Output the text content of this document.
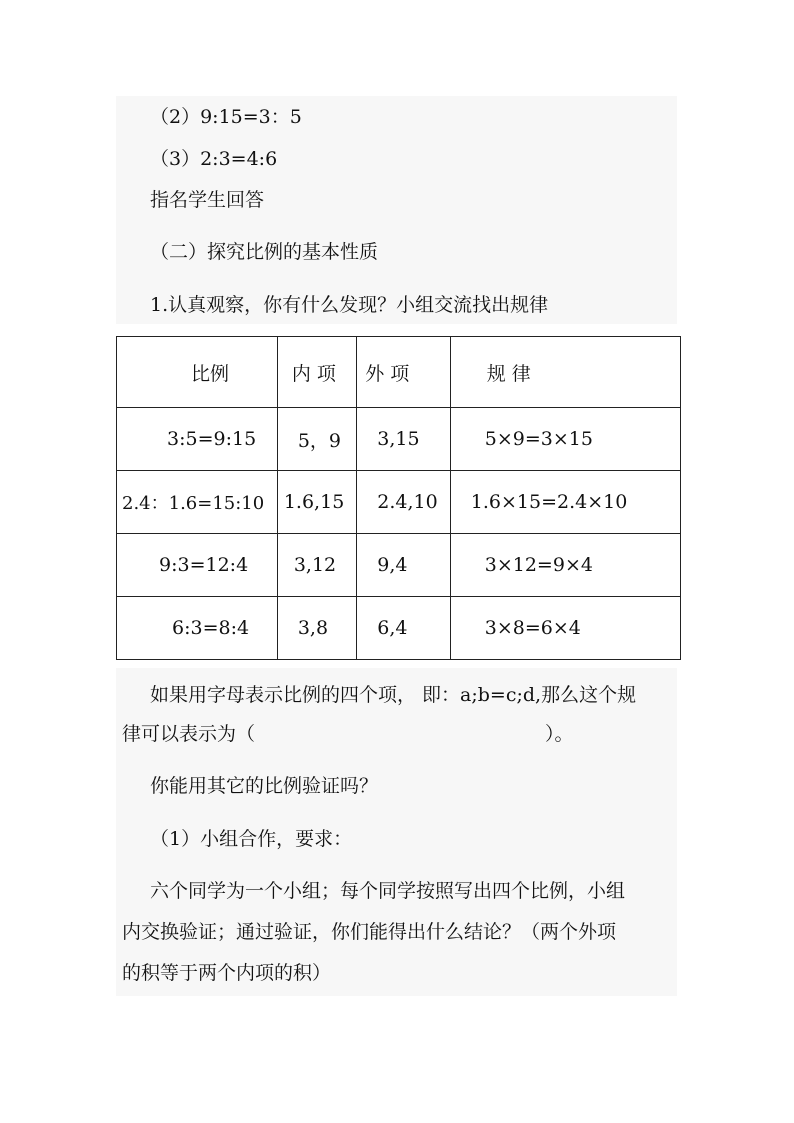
（2）9:15=3：5
（3）2:3=4:6
指名学生回答
（二）探究比例的基本性质
1.认真观察，你有什么发现？小组交流找出规律
比例	内 项	外 项	规 律
3:5=9:15	5，9	3,15	5×9=3×15
2.4：1.6=15:10	1.6,15	2.4,10	1.6×15=2.4×10
9:3=12:4	3,12	9,4	3×12=9×4
6:3=8:4	3,8	6,4	3×8=6×4
如果用字母表示比例的四个项， 即：a;b=c;d,那么这个规
律可以表示为（	）。
你能用其它的比例验证吗？
（1）小组合作，要求：
六个同学为一个小组；每个同学按照写出四个比例，小组
内交换验证；通过验证，你们能得出什么结论？（两个外项
的积等于两个内项的积）
